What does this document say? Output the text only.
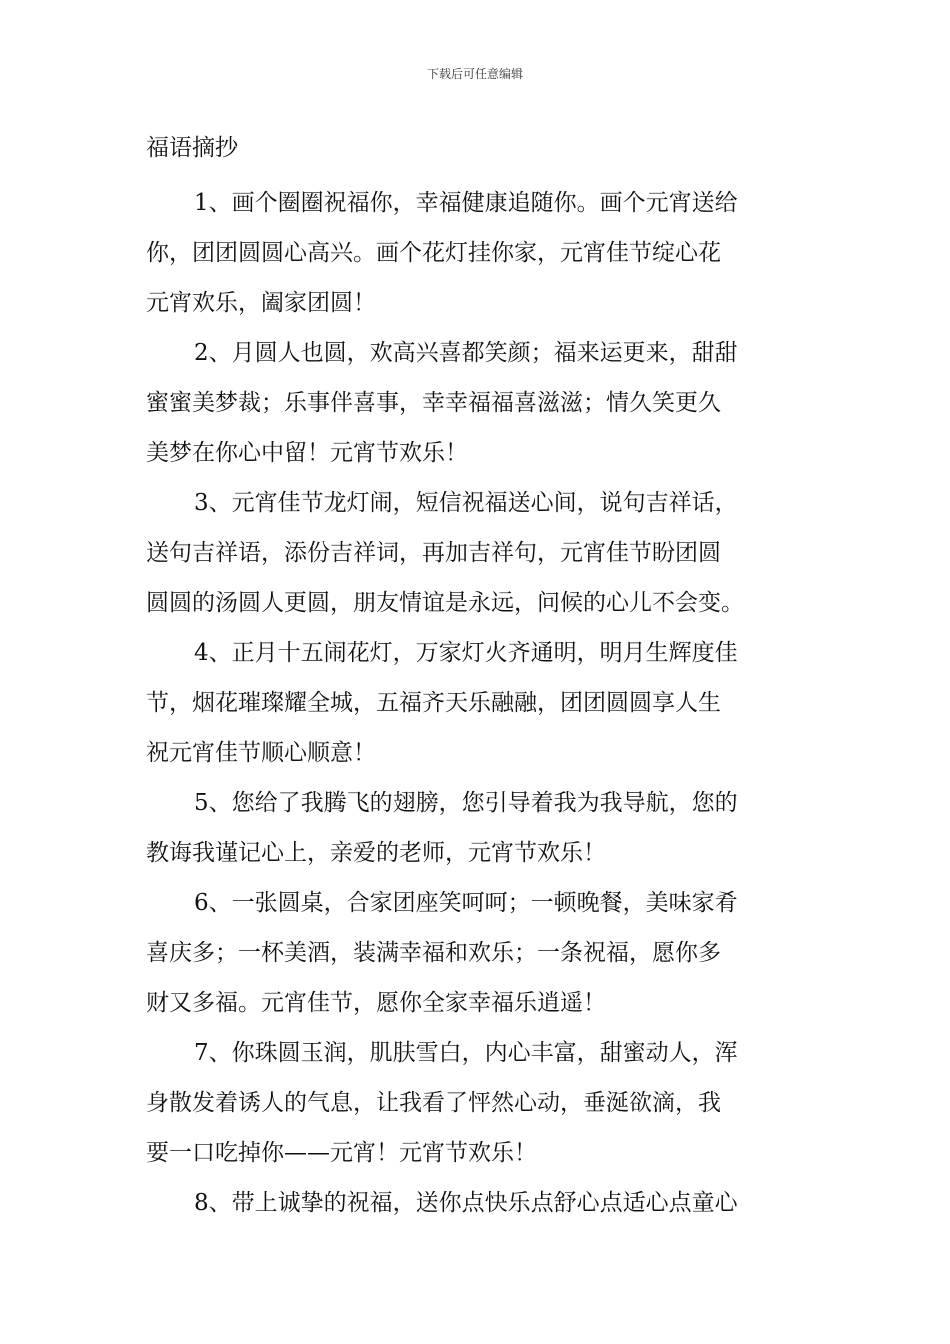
下载后可任意编辑
福语摘抄
1、画个圈圈祝福你，幸福健康追随你。画个元宵送给
你，团团圆圆心高兴。画个花灯挂你家，元宵佳节绽心花
元宵欢乐，阖家团圆！
2、月圆人也圆，欢高兴喜都笑颜；福来运更来，甜甜
蜜蜜美梦裁；乐事伴喜事，幸幸福福喜滋滋；情久笑更久
美梦在你心中留！元宵节欢乐！
3、元宵佳节龙灯闹，短信祝福送心间，说句吉祥话，
送句吉祥语，添份吉祥词，再加吉祥句，元宵佳节盼团圆
圆圆的汤圆人更圆，朋友情谊是永远，问候的心儿不会变。
4、正月十五闹花灯，万家灯火齐通明，明月生辉度佳
节，烟花璀璨耀全城，五福齐天乐融融，团团圆圆享人生
祝元宵佳节顺心顺意！
5、您给了我腾飞的翅膀，您引导着我为我导航，您的
教诲我谨记心上，亲爱的老师，元宵节欢乐！
6、一张圆桌，合家团座笑呵呵；一顿晚餐，美味家肴
喜庆多；一杯美酒，装满幸福和欢乐；一条祝福，愿你多
财又多福。元宵佳节，愿你全家幸福乐逍遥！
7、你珠圆玉润，肌肤雪白，内心丰富，甜蜜动人，浑
身散发着诱人的气息，让我看了怦然心动，垂涎欲滴，我
要一口吃掉你——元宵！元宵节欢乐！
8、带上诚挚的祝福，送你点快乐点舒心点适心点童心
